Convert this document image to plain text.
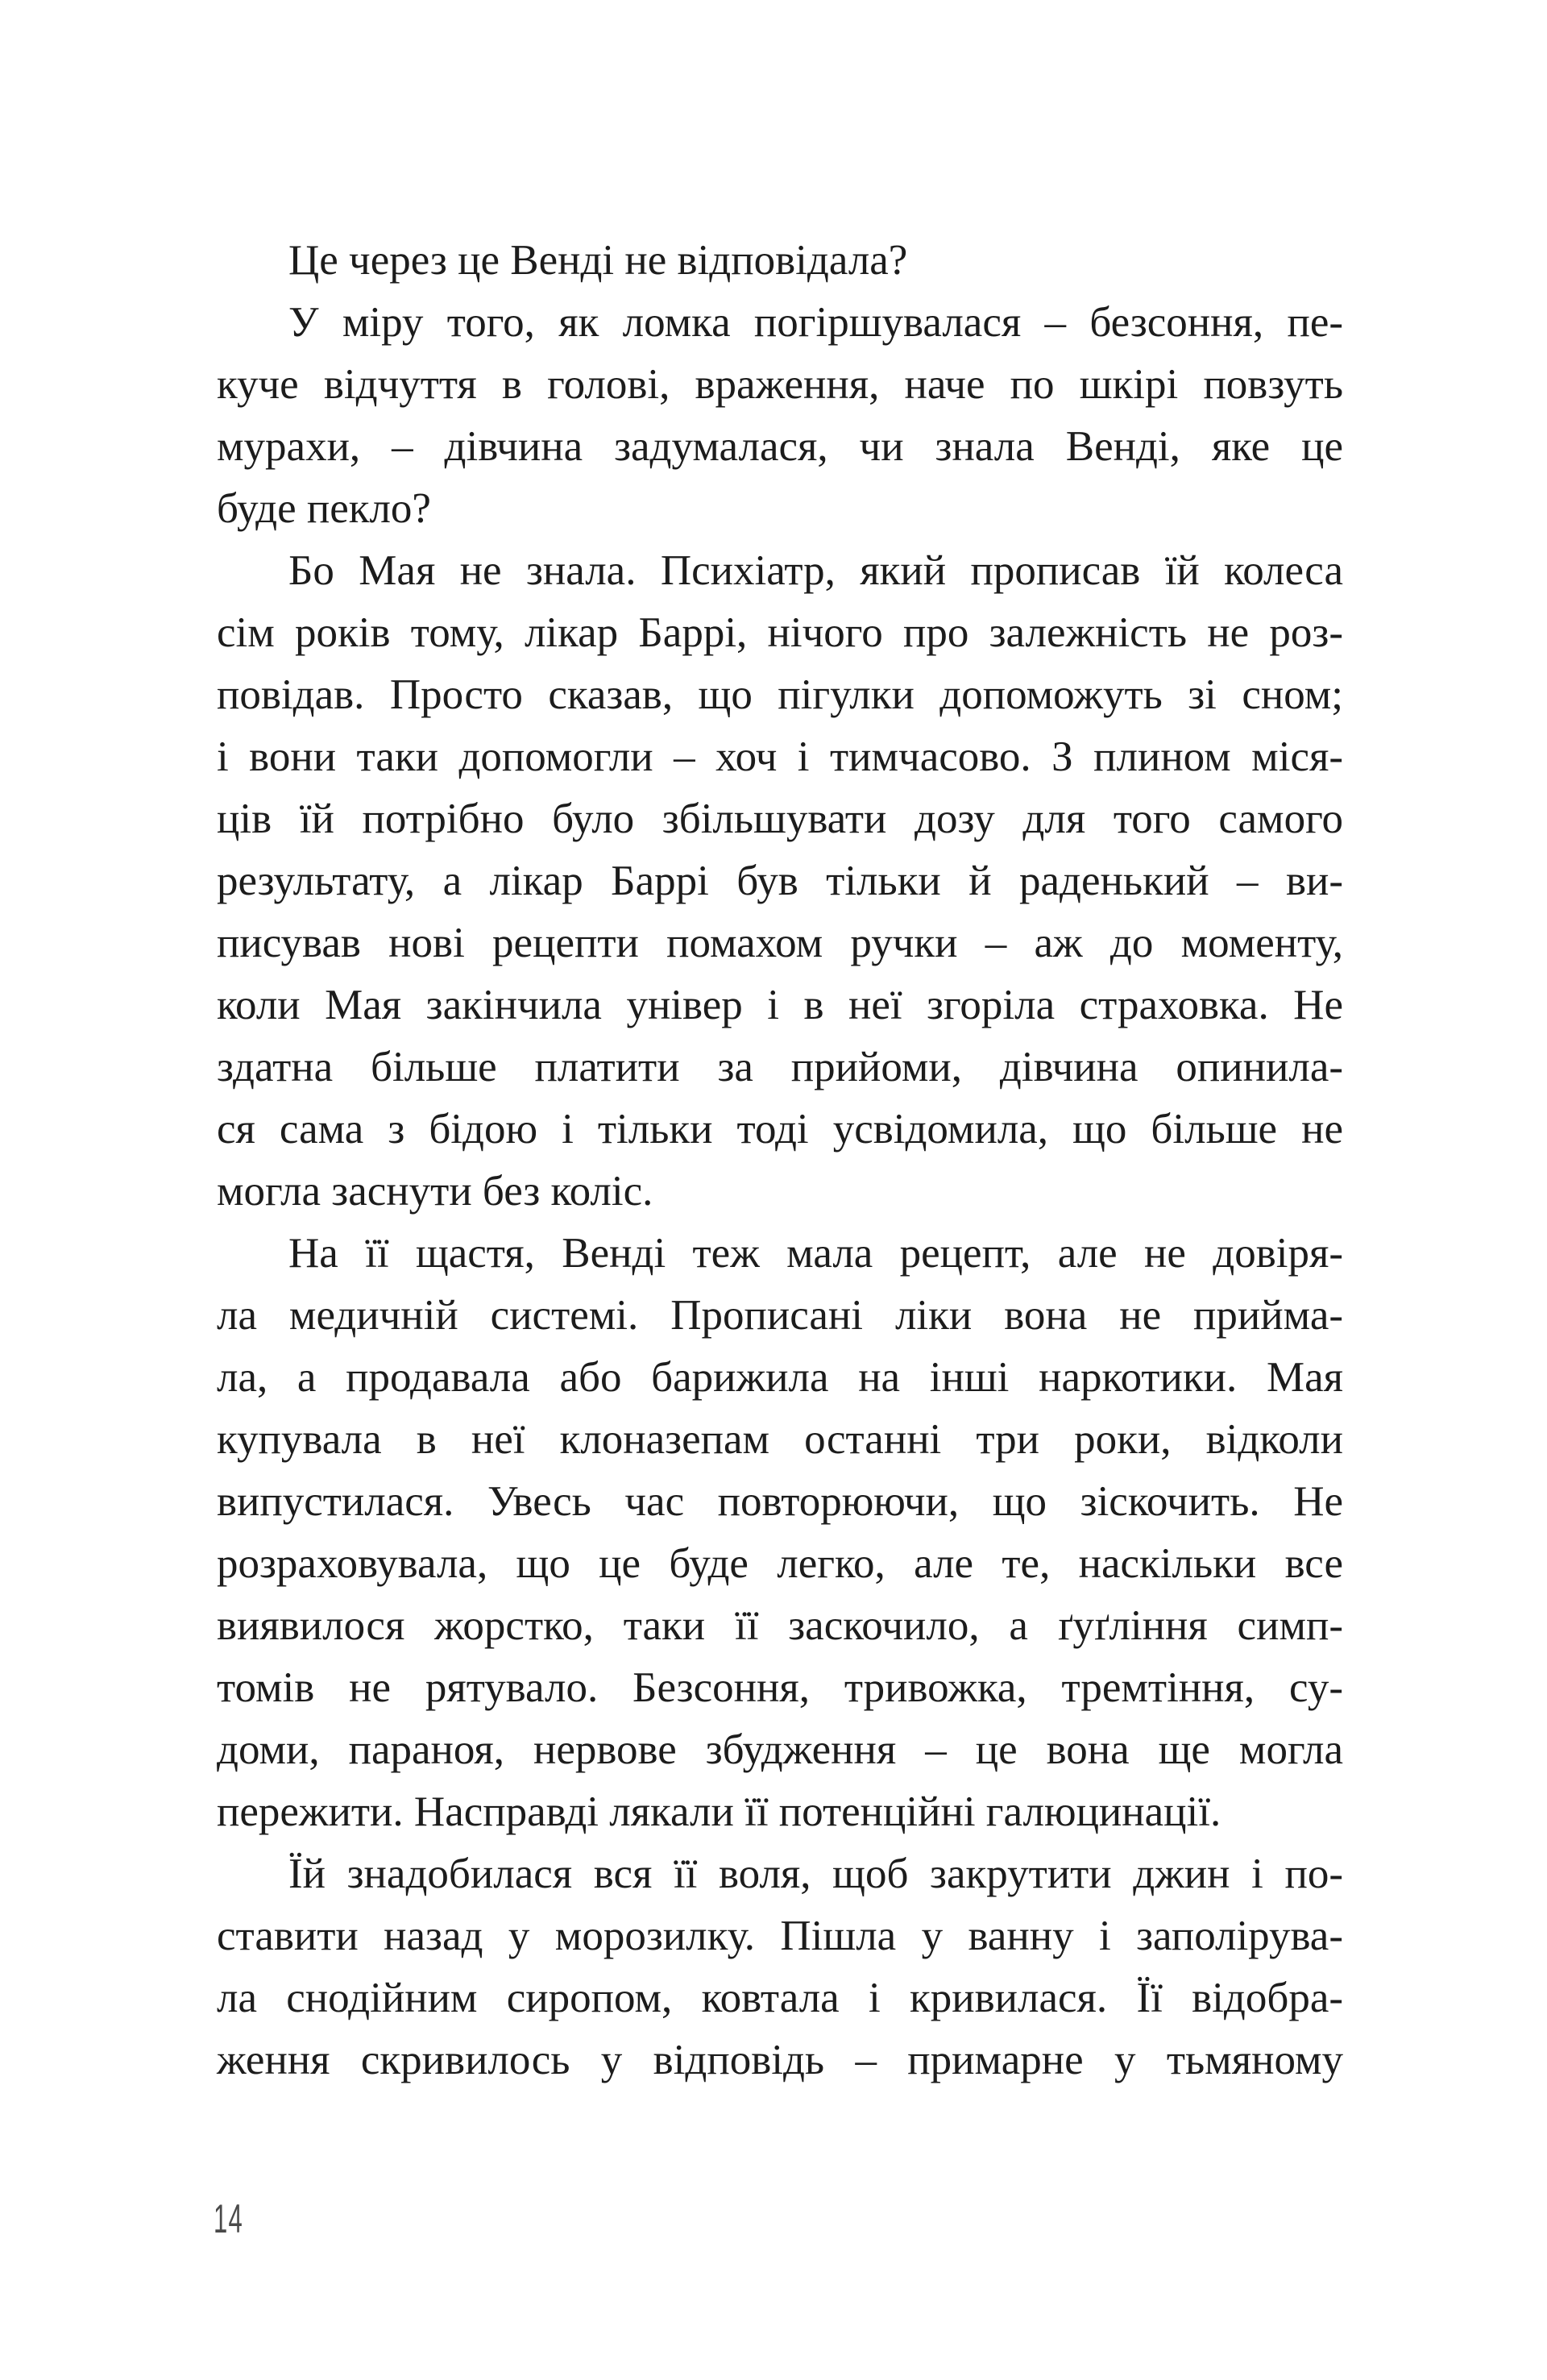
Це через це Венді не відповідала?
У міру того, як ломка погіршувалася – безсоння, пе-
куче відчуття в голові, враження, наче по шкірі повзуть
мурахи, – дівчина задумалася, чи знала Венді, яке це
буде пекло?
Бо Мая не знала. Психіатр, який прописав їй колеса
сім років тому, лікар Баррі, нічого про залежність не роз-
повідав. Просто сказав, що пігулки допоможуть зі сном;
і вони таки допомогли – хоч і тимчасово. З плином міся-
ців їй потрібно було збільшувати дозу для того самого
результату, а лікар Баррі був тільки й раденький – ви-
писував нові рецепти помахом ручки – аж до моменту,
коли Мая закінчила універ і в неї згоріла страховка. Не
здатна більше платити за прийоми, дівчина опинила-
ся сама з бідою і тільки тоді усвідомила, що більше не
могла заснути без коліс.
На її щастя, Венді теж мала рецепт, але не довіря-
ла медичній системі. Прописані ліки вона не прийма-
ла, а продавала або барижила на інші наркотики. Мая
купувала в неї клоназепам останні три роки, відколи
випустилася. Увесь час повторюючи, що зіскочить. Не
розраховувала, що це буде легко, але те, наскільки все
виявилося жорстко, таки її заскочило, а ґуґління симп-
томів не рятувало. Безсоння, тривожка, тремтіння, су-
доми, параноя, нервове збудження – це вона ще могла
пережити. Насправді лякали її потенційні галюцинації.
Їй знадобилася вся її воля, щоб закрутити джин і по-
ставити назад у морозилку. Пішла у ванну і заполірува-
ла снодійним сиропом, ковтала і кривилася. Її відобра-
ження скривилось у відповідь – примарне у тьмяному
14
